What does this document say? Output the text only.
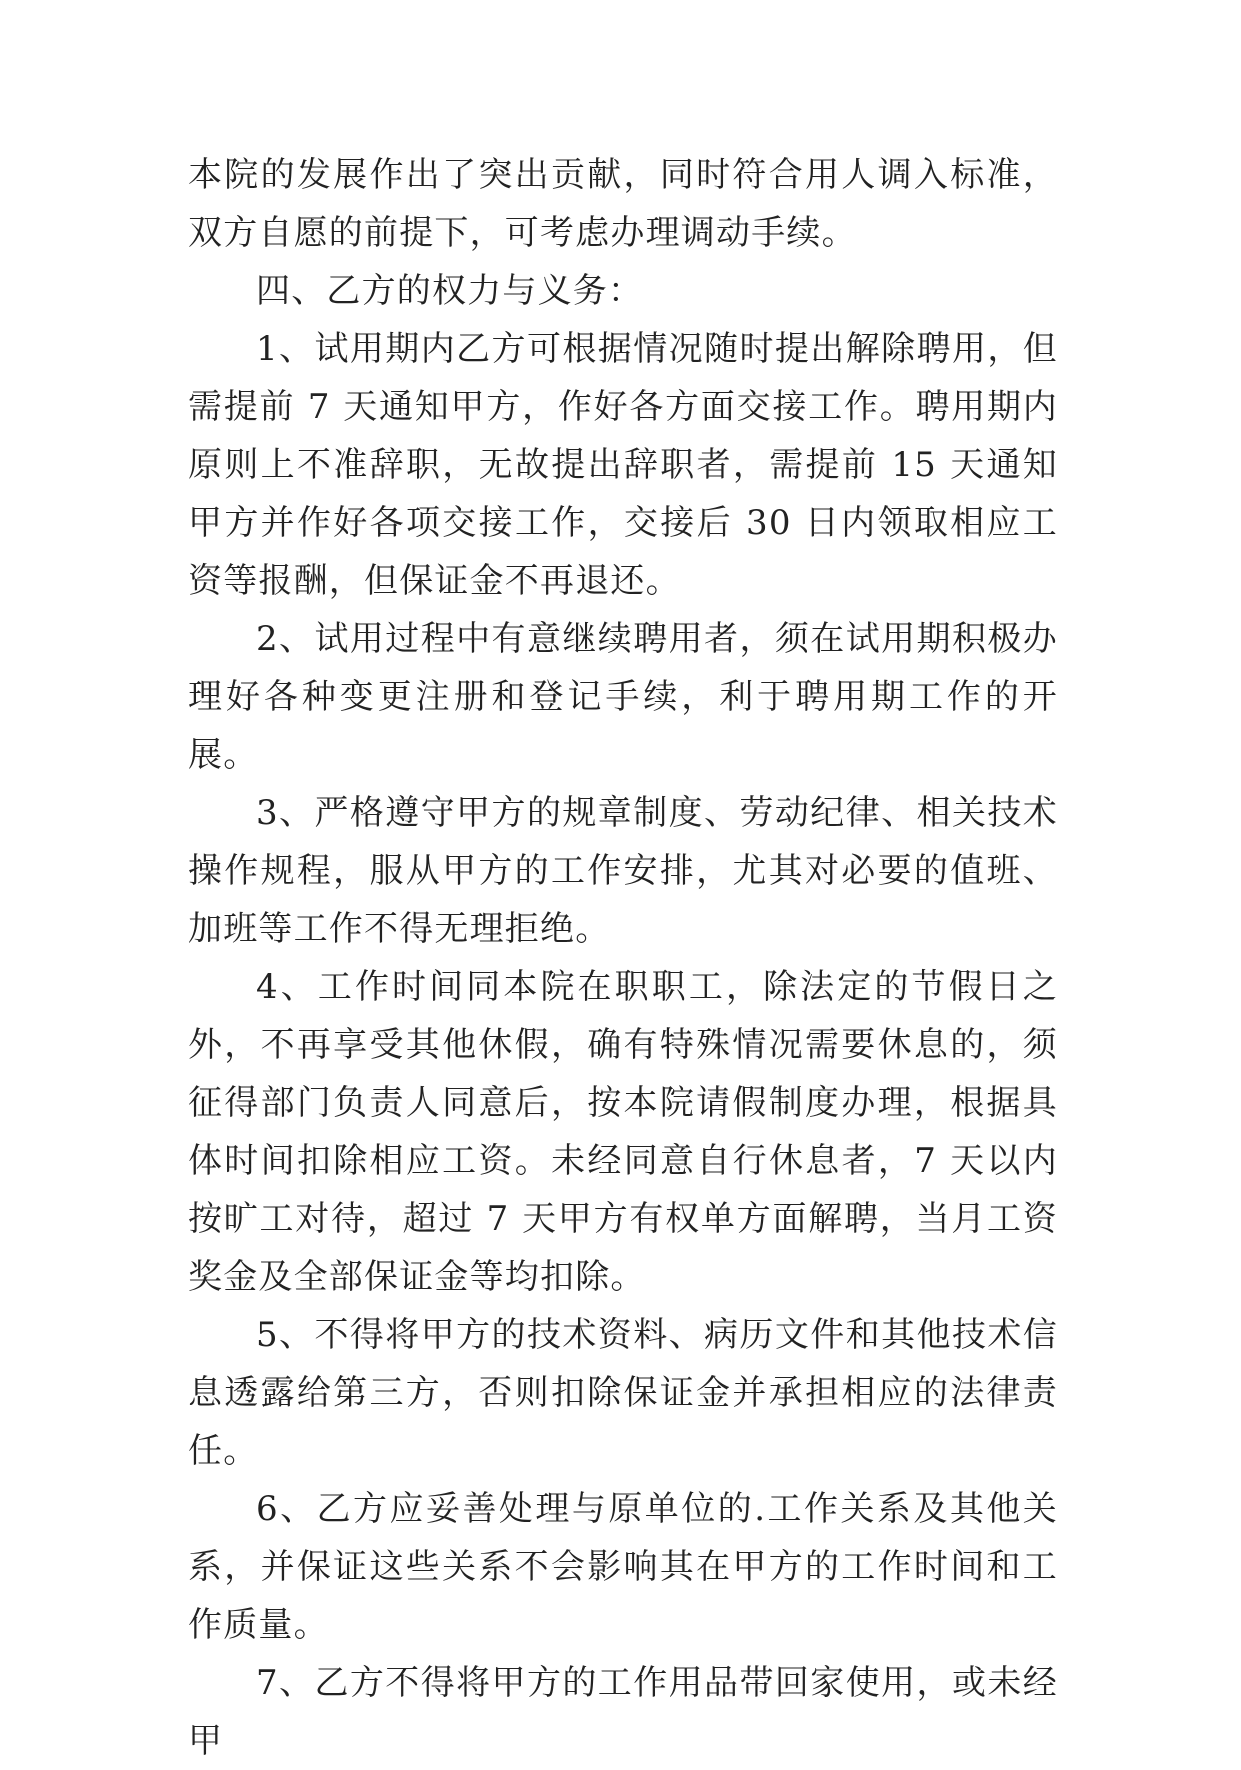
本院的发展作出了突出贡献，同时符合用人调入标准，双方自愿的前提下，可考虑办理调动手续。

四、乙方的权力与义务：

1、试用期内乙方可根据情况随时提出解除聘用，但需提前 7 天通知甲方，作好各方面交接工作。聘用期内原则上不准辞职，无故提出辞职者，需提前 15 天通知甲方并作好各项交接工作，交接后 30 日内领取相应工资等报酬，但保证金不再退还。

2、试用过程中有意继续聘用者，须在试用期积极办理好各种变更注册和登记手续，利于聘用期工作的开展。

3、严格遵守甲方的规章制度、劳动纪律、相关技术操作规程，服从甲方的工作安排，尤其对必要的值班、加班等工作不得无理拒绝。

4、工作时间同本院在职职工，除法定的节假日之外，不再享受其他休假，确有特殊情况需要休息的，须征得部门负责人同意后，按本院请假制度办理，根据具体时间扣除相应工资。未经同意自行休息者，7 天以内按旷工对待，超过 7 天甲方有权单方面解聘，当月工资奖金及全部保证金等均扣除。

5、不得将甲方的技术资料、病历文件和其他技术信息透露给第三方，否则扣除保证金并承担相应的法律责任。

6、乙方应妥善处理与原单位的.工作关系及其他关系，并保证这些关系不会影响其在甲方的工作时间和工作质量。

7、乙方不得将甲方的工作用品带回家使用，或未经甲
